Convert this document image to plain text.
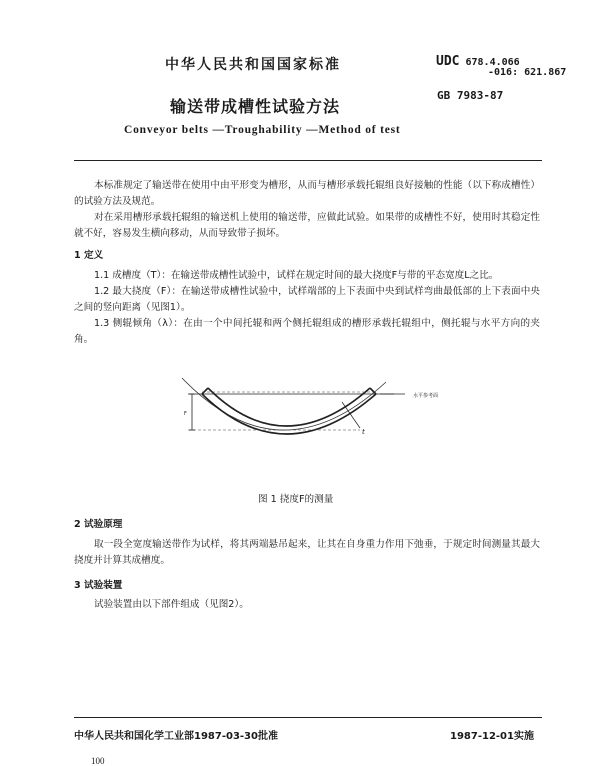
中华人民共和国国家标准	UDC 678.4.066
-016: 621.867
GB 7983-87
输送带成槽性试验方法
Conveyor belts —Troughability —Method of test
本标准规定了输送带在使用中由平形变为槽形，从而与槽形承载托辊组良好接触的性能（以下称成槽性）的试验方法及规范。
对在采用槽形承载托辊组的输送机上使用的输送带，应做此试验。如果带的成槽性不好，使用时其稳定性就不好，容易发生横向移动，从而导致带子损坏。
1 定义
1.1 成槽度（T）：在输送带成槽性试验中，试样在规定时间的最大挠度F与带的平态宽度L之比。
1.2 最大挠度（F）：在输送带成槽性试验中，试样端部的上下表面中央到试样弯曲最低部的上下表面中央之间的竖向距离（见图1）。
1.3 侧辊倾角（λ）：在由一个中间托辊和两个侧托辊组成的槽形承载托辊组中，侧托辊与水平方向的夹角。
F
t
水平参考面
图 1 挠度F的测量
2 试验原理
取一段全宽度输送带作为试样，将其两端悬吊起来，让其在自身重力作用下弛垂，于规定时间测量其最大挠度并计算其成槽度。
3 试验装置
试验装置由以下部件组成（见图2）。
中华人民共和国化学工业部1987-03-30批准	1987-12-01实施
100
